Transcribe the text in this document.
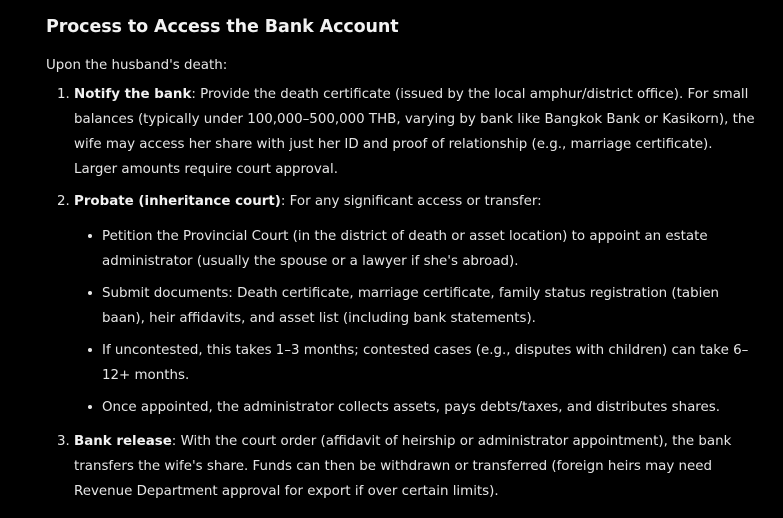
Process to Access the Bank Account

Upon the husband's death:

1. Notify the bank: Provide the death certificate (issued by the local amphur/district office). For small balances (typically under 100,000–500,000 THB, varying by bank like Bangkok Bank or Kasikorn), the wife may access her share with just her ID and proof of relationship (e.g., marriage certificate). Larger amounts require court approval.
2. Probate (inheritance court): For any significant access or transfer:
Petition the Provincial Court (in the district of death or asset location) to appoint an estate administrator (usually the spouse or a lawyer if she's abroad).
Submit documents: Death certificate, marriage certificate, family status registration (tabien baan), heir affidavits, and asset list (including bank statements).
If uncontested, this takes 1–3 months; contested cases (e.g., disputes with children) can take 6–12+ months.
Once appointed, the administrator collects assets, pays debts/taxes, and distributes shares.
3. Bank release: With the court order (affidavit of heirship or administrator appointment), the bank transfers the wife's share. Funds can then be withdrawn or transferred (foreign heirs may need Revenue Department approval for export if over certain limits).
